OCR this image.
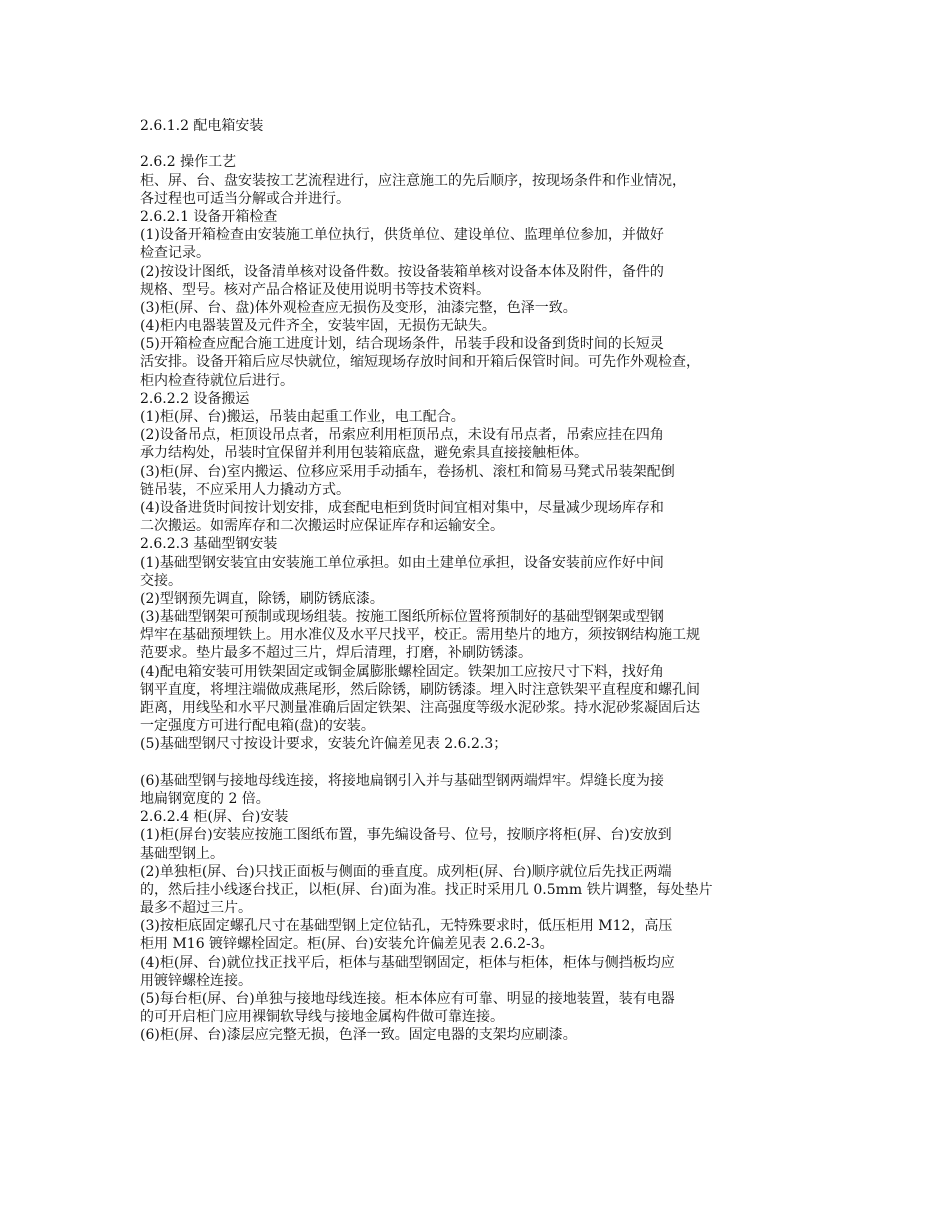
2.6.1.2 配电箱安装
2.6.2 操作工艺
柜、屏、台、盘安装按工艺流程进行，应注意施工的先后顺序，按现场条件和作业情况，
各过程也可适当分解或合并进行。
2.6.2.1 设备开箱检查
(1)设备开箱检查由安装施工单位执行，供货单位、建设单位、监理单位参加，并做好
检查记录。
(2)按设计图纸，设备清单核对设备件数。按设备装箱单核对设备本体及附件，备件的
规格、型号。核对产品合格证及使用说明书等技术资料。
(3)柜(屏、台、盘)体外观检查应无损伤及变形，油漆完整，色泽一致。
(4)柜内电器装置及元件齐全，安装牢固，无损伤无缺失。
(5)开箱检查应配合施工进度计划，结合现场条件，吊装手段和设备到货时间的长短灵
活安排。设备开箱后应尽快就位，缩短现场存放时间和开箱后保管时间。可先作外观检查，
柜内检查待就位后进行。
2.6.2.2 设备搬运
(1)柜(屏、台)搬运，吊装由起重工作业，电工配合。
(2)设备吊点，柜顶设吊点者，吊索应利用柜顶吊点，未设有吊点者，吊索应挂在四角
承力结构处，吊装时宜保留并利用包装箱底盘，避免索具直接接触柜体。
(3)柜(屏、台)室内搬运、位移应采用手动插车，卷扬机、滚杠和简易马凳式吊装架配倒
链吊装，不应采用人力撬动方式。
(4)设备进货时间按计划安排，成套配电柜到货时间宜相对集中，尽量减少现场库存和
二次搬运。如需库存和二次搬运时应保证库存和运输安全。
2.6.2.3 基础型钢安装
(1)基础型钢安装宜由安装施工单位承担。如由土建单位承担，设备安装前应作好中间
交接。
(2)型钢预先调直，除锈，刷防锈底漆。
(3)基础型钢架可预制或现场组装。按施工图纸所标位置将预制好的基础型钢架或型钢
焊牢在基础预埋铁上。用水准仪及水平尺找平，校正。需用垫片的地方，须按钢结构施工规
范要求。垫片最多不超过三片，焊后清理，打磨，补刷防锈漆。
(4)配电箱安装可用铁架固定或铜金属膨胀螺栓固定。铁架加工应按尺寸下料，找好角
钢平直度，将埋注端做成燕尾形，然后除锈，刷防锈漆。埋入时注意铁架平直程度和螺孔间
距离，用线坠和水平尺测量准确后固定铁架、注高强度等级水泥砂浆。持水泥砂浆凝固后达
一定强度方可进行配电箱(盘)的安装。
(5)基础型钢尺寸按设计要求，安装允许偏差见表 2.6.2.3；
(6)基础型钢与接地母线连接，将接地扁钢引入并与基础型钢两端焊牢。焊缝长度为接
地扁钢宽度的 2 倍。
2.6.2.4 柜(屏、台)安装
(1)柜(屏台)安装应按施工图纸布置，事先编设备号、位号，按顺序将柜(屏、台)安放到
基础型钢上。
(2)单独柜(屏、台)只找正面板与侧面的垂直度。成列柜(屏、台)顺序就位后先找正两端
的，然后挂小线逐台找正，以柜(屏、台)面为准。找正时采用几 0.5mm 铁片调整，每处垫片
最多不超过三片。
(3)按柜底固定螺孔尺寸在基础型钢上定位钻孔，无特殊要求时，低压柜用 M12，高压
柜用 M16 镀锌螺栓固定。柜(屏、台)安装允许偏差见表 2.6.2-3。
(4)柜(屏、台)就位找正找平后，柜体与基础型钢固定，柜体与柜体，柜体与侧挡板均应
用镀锌螺栓连接。
(5)每台柜(屏、台)单独与接地母线连接。柜本体应有可靠、明显的接地装置，装有电器
的可开启柜门应用裸铜软导线与接地金属构件做可靠连接。
(6)柜(屏、台)漆层应完整无损，色泽一致。固定电器的支架均应刷漆。
